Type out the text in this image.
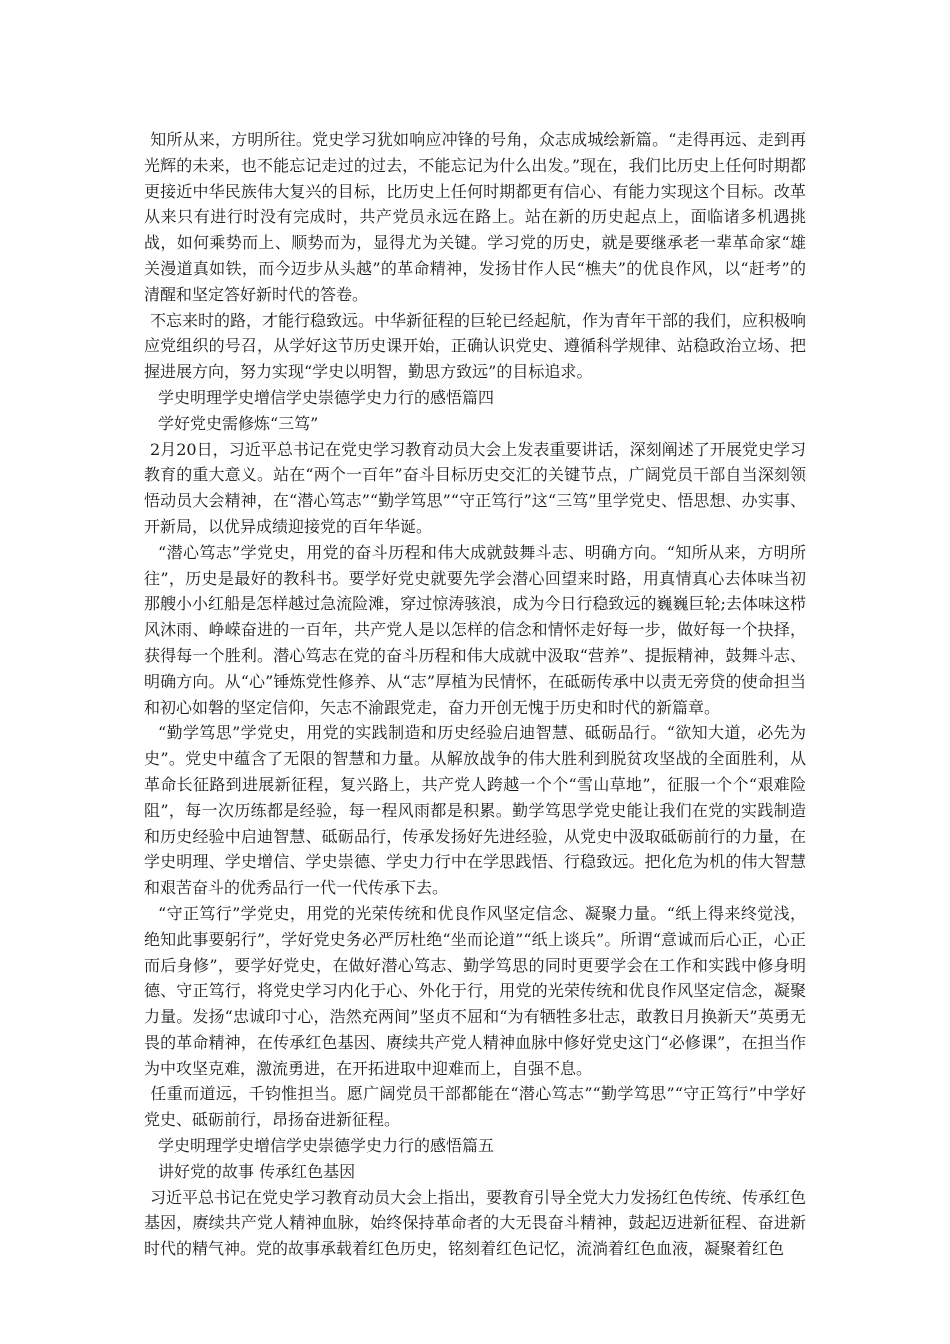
知所从来，方明所往。党史学习犹如响应冲锋的号角，众志成城绘新篇。“走得再远、走到再光辉的未来，也不能忘记走过的过去，不能忘记为什么出发。”现在，我们比历史上任何时期都更接近中华民族伟大复兴的目标，比历史上任何时期都更有信心、有能力实现这个目标。改革从来只有进行时没有完成时，共产党员永远在路上。站在新的历史起点上，面临诸多机遇挑战，如何乘势而上、顺势而为，显得尤为关键。学习党的历史，就是要继承老一辈革命家“雄关漫道真如铁，而今迈步从头越”的革命精神，发扬甘作人民“樵夫”的优良作风，以“赶考”的清醒和坚定答好新时代的答卷。

不忘来时的路，才能行稳致远。中华新征程的巨轮已经起航，作为青年干部的我们，应积极响应党组织的号召，从学好这节历史课开始，正确认识党史、遵循科学规律、站稳政治立场、把握进展方向，努力实现“学史以明智，勤思方致远”的目标追求。

学史明理学史增信学史崇德学史力行的感悟篇四

学好党史需修炼“三笃”

2月20日，习近平总书记在党史学习教育动员大会上发表重要讲话，深刻阐述了开展党史学习教育的重大意义。站在“两个一百年”奋斗目标历史交汇的关键节点，广阔党员干部自当深刻领悟动员大会精神，在“潜心笃志”“勤学笃思”“守正笃行”这“三笃”里学党史、悟思想、办实事、开新局，以优异成绩迎接党的百年华诞。

“潜心笃志”学党史，用党的奋斗历程和伟大成就鼓舞斗志、明确方向。“知所从来，方明所往”，历史是最好的教科书。要学好党史就要先学会潜心回望来时路，用真情真心去体味当初那艘小小红船是怎样越过急流险滩，穿过惊涛骇浪，成为今日行稳致远的巍巍巨轮;去体味这栉风沐雨、峥嵘奋进的一百年，共产党人是以怎样的信念和情怀走好每一步，做好每一个抉择，获得每一个胜利。潜心笃志在党的奋斗历程和伟大成就中汲取“营养”、提振精神，鼓舞斗志、明确方向。从“心”锤炼党性修养、从“志”厚植为民情怀，在砥砺传承中以责无旁贷的使命担当和初心如磐的坚定信仰，矢志不渝跟党走，奋力开创无愧于历史和时代的新篇章。

“勤学笃思”学党史，用党的实践制造和历史经验启迪智慧、砥砺品行。“欲知大道，必先为史”。党史中蕴含了无限的智慧和力量。从解放战争的伟大胜利到脱贫攻坚战的全面胜利，从革命长征路到进展新征程，复兴路上，共产党人跨越一个个“雪山草地”，征服一个个“艰难险阻”，每一次历练都是经验，每一程风雨都是积累。勤学笃思学党史能让我们在党的实践制造和历史经验中启迪智慧、砥砺品行，传承发扬好先进经验，从党史中汲取砥砺前行的力量，在学史明理、学史增信、学史崇德、学史力行中在学思践悟、行稳致远。把化危为机的伟大智慧和艰苦奋斗的优秀品行一代一代传承下去。

“守正笃行”学党史，用党的光荣传统和优良作风坚定信念、凝聚力量。“纸上得来终觉浅，绝知此事要躬行”，学好党史务必严厉杜绝“坐而论道”“纸上谈兵”。所谓“意诚而后心正，心正而后身修”，要学好党史，在做好潜心笃志、勤学笃思的同时更要学会在工作和实践中修身明德、守正笃行，将党史学习内化于心、外化于行，用党的光荣传统和优良作风坚定信念，凝聚力量。发扬“忠诚印寸心，浩然充两间”坚贞不屈和“为有牺牲多壮志，敢教日月换新天”英勇无畏的革命精神，在传承红色基因、赓续共产党人精神血脉中修好党史这门“必修课”，在担当作为中攻坚克难，激流勇进，在开拓进取中迎难而上，自强不息。

任重而道远，千钧惟担当。愿广阔党员干部都能在“潜心笃志”“勤学笃思”“守正笃行”中学好党史、砥砺前行，昂扬奋进新征程。

学史明理学史增信学史崇德学史力行的感悟篇五

讲好党的故事 传承红色基因

习近平总书记在党史学习教育动员大会上指出，要教育引导全党大力发扬红色传统、传承红色基因，赓续共产党人精神血脉，始终保持革命者的大无畏奋斗精神，鼓起迈进新征程、奋进新时代的精气神。党的故事承载着红色历史，铭刻着红色记忆，流淌着红色血液，凝聚着红色
